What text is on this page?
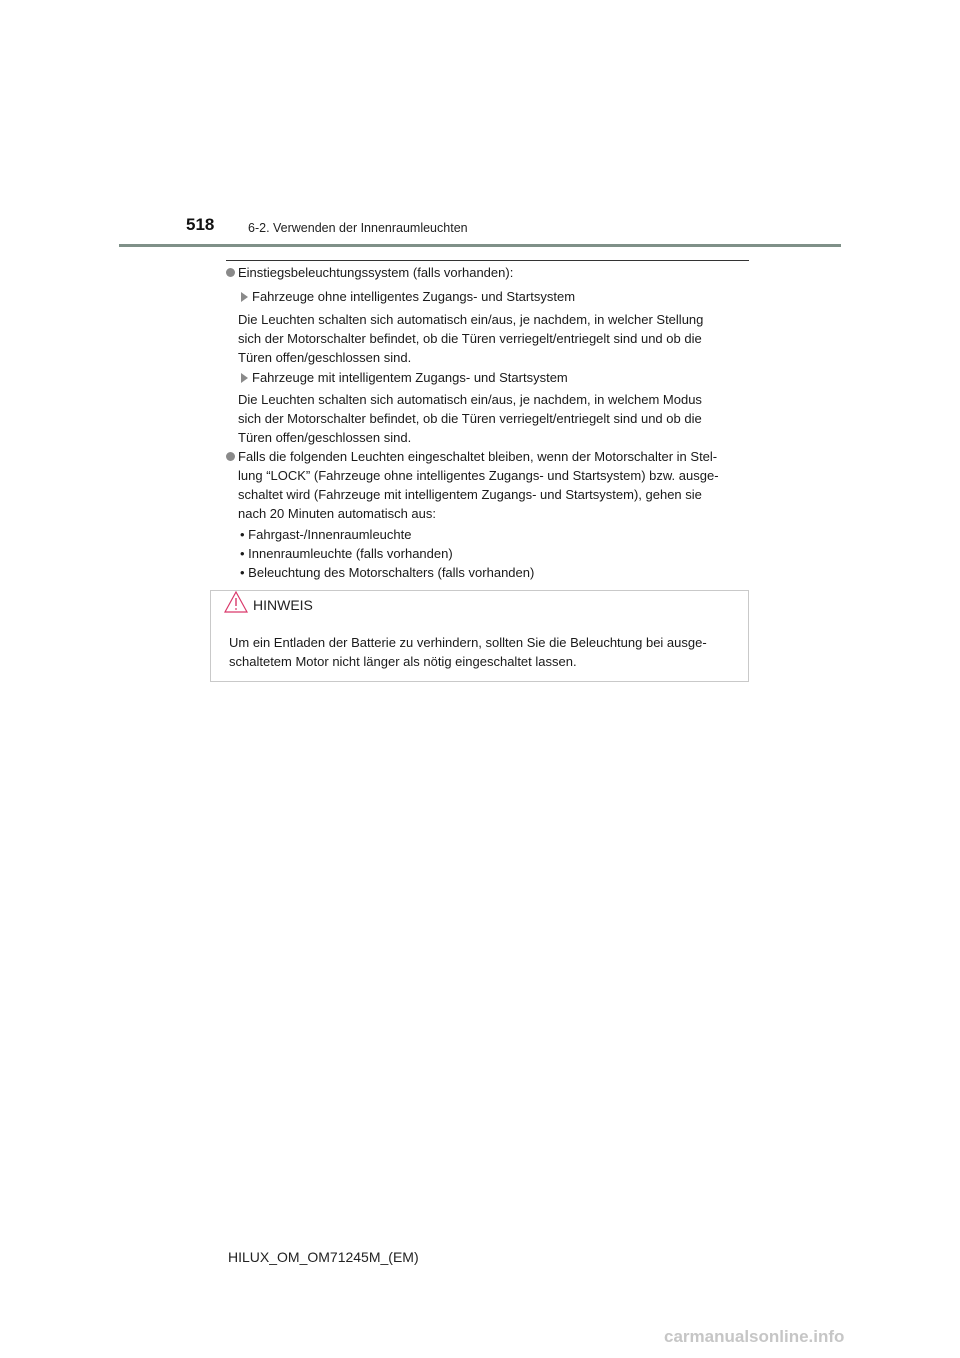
518	6-2. Verwenden der Innenraumleuchten
Einstiegsbeleuchtungssystem (falls vorhanden):
Fahrzeuge ohne intelligentes Zugangs- und Startsystem
Die Leuchten schalten sich automatisch ein/aus, je nachdem, in welcher Stellung
sich der Motorschalter befindet, ob die Türen verriegelt/entriegelt sind und ob die
Türen offen/geschlossen sind.
Fahrzeuge mit intelligentem Zugangs- und Startsystem
Die Leuchten schalten sich automatisch ein/aus, je nachdem, in welchem Modus
sich der Motorschalter befindet, ob die Türen verriegelt/entriegelt sind und ob die
Türen offen/geschlossen sind.
Falls die folgenden Leuchten eingeschaltet bleiben, wenn der Motorschalter in Stel-
lung “LOCK” (Fahrzeuge ohne intelligentes Zugangs- und Startsystem) bzw. ausge-
schaltet wird (Fahrzeuge mit intelligentem Zugangs- und Startsystem), gehen sie
nach 20 Minuten automatisch aus:
• Fahrgast-/Innenraumleuchte
• Innenraumleuchte (falls vorhanden)
• Beleuchtung des Motorschalters (falls vorhanden)
HINWEIS
Um ein Entladen der Batterie zu verhindern, sollten Sie die Beleuchtung bei ausge-
schaltetem Motor nicht länger als nötig eingeschaltet lassen.
HILUX_OM_OM71245M_(EM)
carmanualsonline.info
